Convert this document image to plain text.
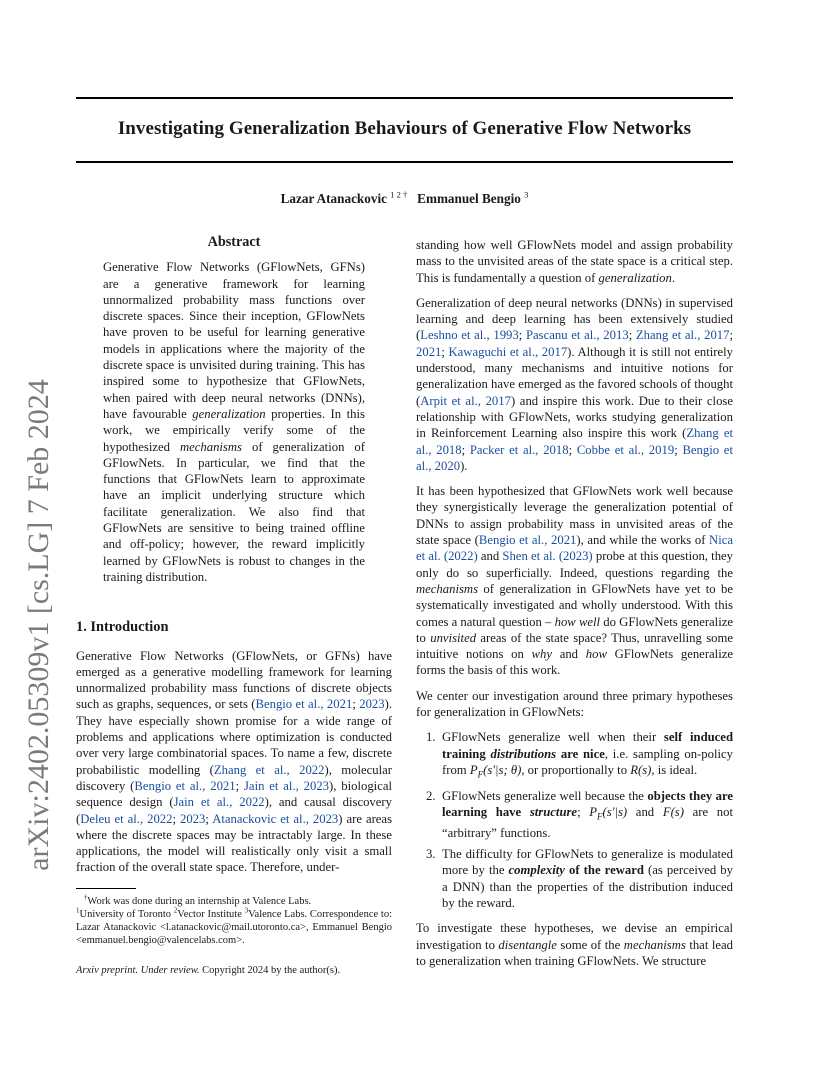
arXiv:2402.05309v1 [cs.LG] 7 Feb 2024
Investigating Generalization Behaviours of Generative Flow Networks
Lazar Atanackovic $^{1 2 \dagger}$ Emmanuel Bengio $^3$
Abstract
Generative Flow Networks (GFlowNets, GFNs) are a generative framework for learning unnormalized probability mass functions over discrete spaces. Since their inception, GFlowNets have proven to be useful for learning generative models in applications where the majority of the discrete space is unvisited during training. This has inspired some to hypothesize that GFlowNets, when paired with deep neural networks (DNNs), have favourable generalization properties. In this work, we empirically verify some of the hypothesized mechanisms of generalization of GFlowNets. In particular, we find that the functions that GFlowNets learn to approximate have an implicit underlying structure which facilitate generalization. We also find that GFlowNets are sensitive to being trained offline and off-policy; however, the reward implicitly learned by GFlowNets is robust to changes in the training distribution.
1. Introduction

Generative Flow Networks (GFlowNets, or GFNs) have emerged as a generative modelling framework for learning unnormalized probability mass functions of discrete objects such as graphs, sequences, or sets (Bengio et al., 2021; 2023). They have especially shown promise for a wide range of problems and applications where optimization is conducted over very large combinatorial spaces. To name a few, discrete probabilistic modelling (Zhang et al., 2022), molecular discovery (Bengio et al., 2021; Jain et al., 2023), biological sequence design (Jain et al., 2022), and causal discovery (Deleu et al., 2022; 2023; Atanackovic et al., 2023) are areas where the discrete spaces may be intractably large. In these applications, the model will realistically only visit a small fraction of the overall state space. Therefore, under-

†Work was done during an internship at Valence Labs.
$^1$University of Toronto $^2$Vector Institute $^3$Valence Labs. Correspondence to: Lazar Atanackovic <l.atanackovic@mail.utoronto.ca>, Emmanuel Bengio <emmanuel.bengio@valencelabs.com>.
Arxiv preprint. Under review. Copyright 2024 by the author(s).

standing how well GFlowNets model and assign probability mass to the unvisited areas of the state space is a critical step. This is fundamentally a question of generalization.

Generalization of deep neural networks (DNNs) in supervised learning and deep learning has been extensively studied (Leshno et al., 1993; Pascanu et al., 2013; Zhang et al., 2017; 2021; Kawaguchi et al., 2017). Although it is still not entirely understood, many mechanisms and intuitive notions for generalization have emerged as the favored schools of thought (Arpit et al., 2017) and inspire this work. Due to their close relationship with GFlowNets, works studying generalization in Reinforcement Learning also inspire this work (Zhang et al., 2018; Packer et al., 2018; Cobbe et al., 2019; Bengio et al., 2020).

It has been hypothesized that GFlowNets work well because they synergistically leverage the generalization potential of DNNs to assign probability mass in unvisited areas of the state space (Bengio et al., 2021), and while the works of Nica et al. (2022) and Shen et al. (2023) probe at this question, they only do so superficially. Indeed, questions regarding the mechanisms of generalization in GFlowNets have yet to be systematically investigated and wholly understood. With this comes a natural question – how well do GFlowNets generalize to unvisited areas of the state space? Thus, unravelling some intuitive notions on why and how GFlowNets generalize forms the basis of this work.

We center our investigation around three primary hypotheses for generalization in GFlowNets:

1. GFlowNets generalize well when their self induced training distributions are nice, i.e. sampling on-policy from $P_F(s'|s$; θ), or proportionally to R(s), is ideal.
2. GFlowNets generalize well because the objects they are learning have structure; $P_F(s'|s)$ and F(s) are not “arbitrary” functions.
3. The difficulty for GFlowNets to generalize is modulated more by the complexity of the reward (as perceived by a DNN) than the properties of the distribution induced by the reward.

To investigate these hypotheses, we devise an empirical investigation to disentangle some of the mechanisms that lead to generalization when training GFlowNets. We structure
